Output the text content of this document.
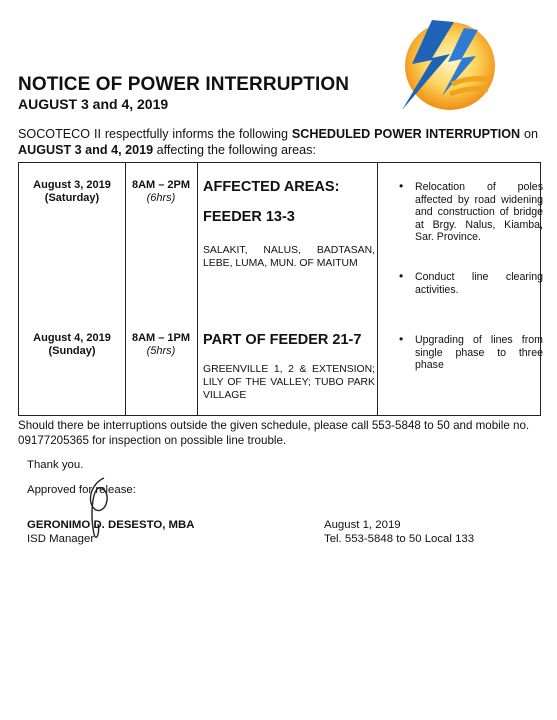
NOTICE OF POWER INTERRUPTION
AUGUST 3 and 4, 2019
SOCOTECO II respectfully informs the following SCHEDULED POWER INTERRUPTION on AUGUST 3 and 4, 2019 affecting the following areas:
August 3, 2019
(Saturday)
8AM – 2PM
(6hrs)
AFFECTED AREAS:
FEEDER 13-3
SALAKIT, NALUS, BADTASAN, LEBE, LUMA, MUN. OF MAITUM
• Relocation of poles affected by road widening and construction of bridge at Brgy. Nalus, Kiamba, Sar. Province.
• Conduct line clearing activities.
August 4, 2019
(Sunday)
8AM – 1PM
(5hrs)
PART OF FEEDER 21-7
GREENVILLE 1, 2 & EXTENSION; LILY OF THE VALLEY; TUBO PARK VILLAGE
• Upgrading of lines from single phase to three phase
Should there be interruptions outside the given schedule, please call 553-5848 to 50 and mobile no. 09177205365 for inspection on possible line trouble.
Thank you.
Approved for release:
GERONIMO D. DESESTO, MBA
ISD Manager
August 1, 2019
Tel. 553-5848 to 50 Local 133
